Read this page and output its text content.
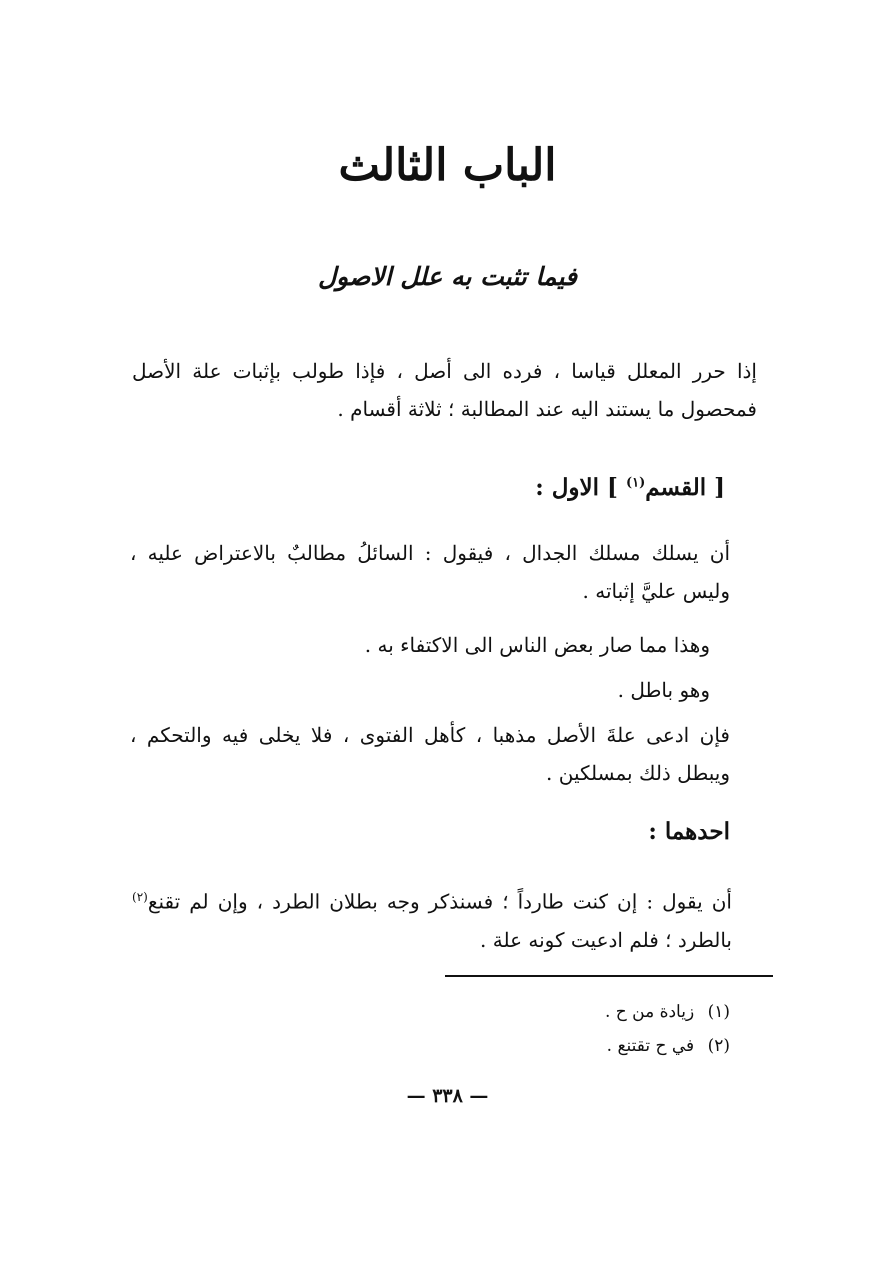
الباب الثالث
فيما تثبت به علل الاصول
إذا حرر المعلل قياسا ، فرده الى أصل ، فإذا طولب بإثبات علة الأصل فمحصول ما يستند اليه عند المطالبة ؛ ثلاثة أقسام .
[ القسم$^{(١)}$ ] الاول :
أن يسلك مسلك الجدال ، فيقول : السائلُ مطالبٌ بالاعتراض عليه ، وليس عليَّ إثباته .
وهذا مما صار بعض الناس الى الاكتفاء به .
وهو باطل .
فإن ادعى علةَ الأصل مذهبا ، كأهل الفتوى ، فلا يخلى فيه والتحكم ، ويبطل ذلك بمسلكين .
احدهما :
أن يقول : إن كنت طارداً ؛ فسنذكر وجه بطلان الطرد ، وإن لم تقنع$^{(٢)}$ بالطرد ؛ فلم ادعيت كونه علة .
(١) زيادة من ح .
(٢) في ح تقتنع .
— ٣٣٨ —
